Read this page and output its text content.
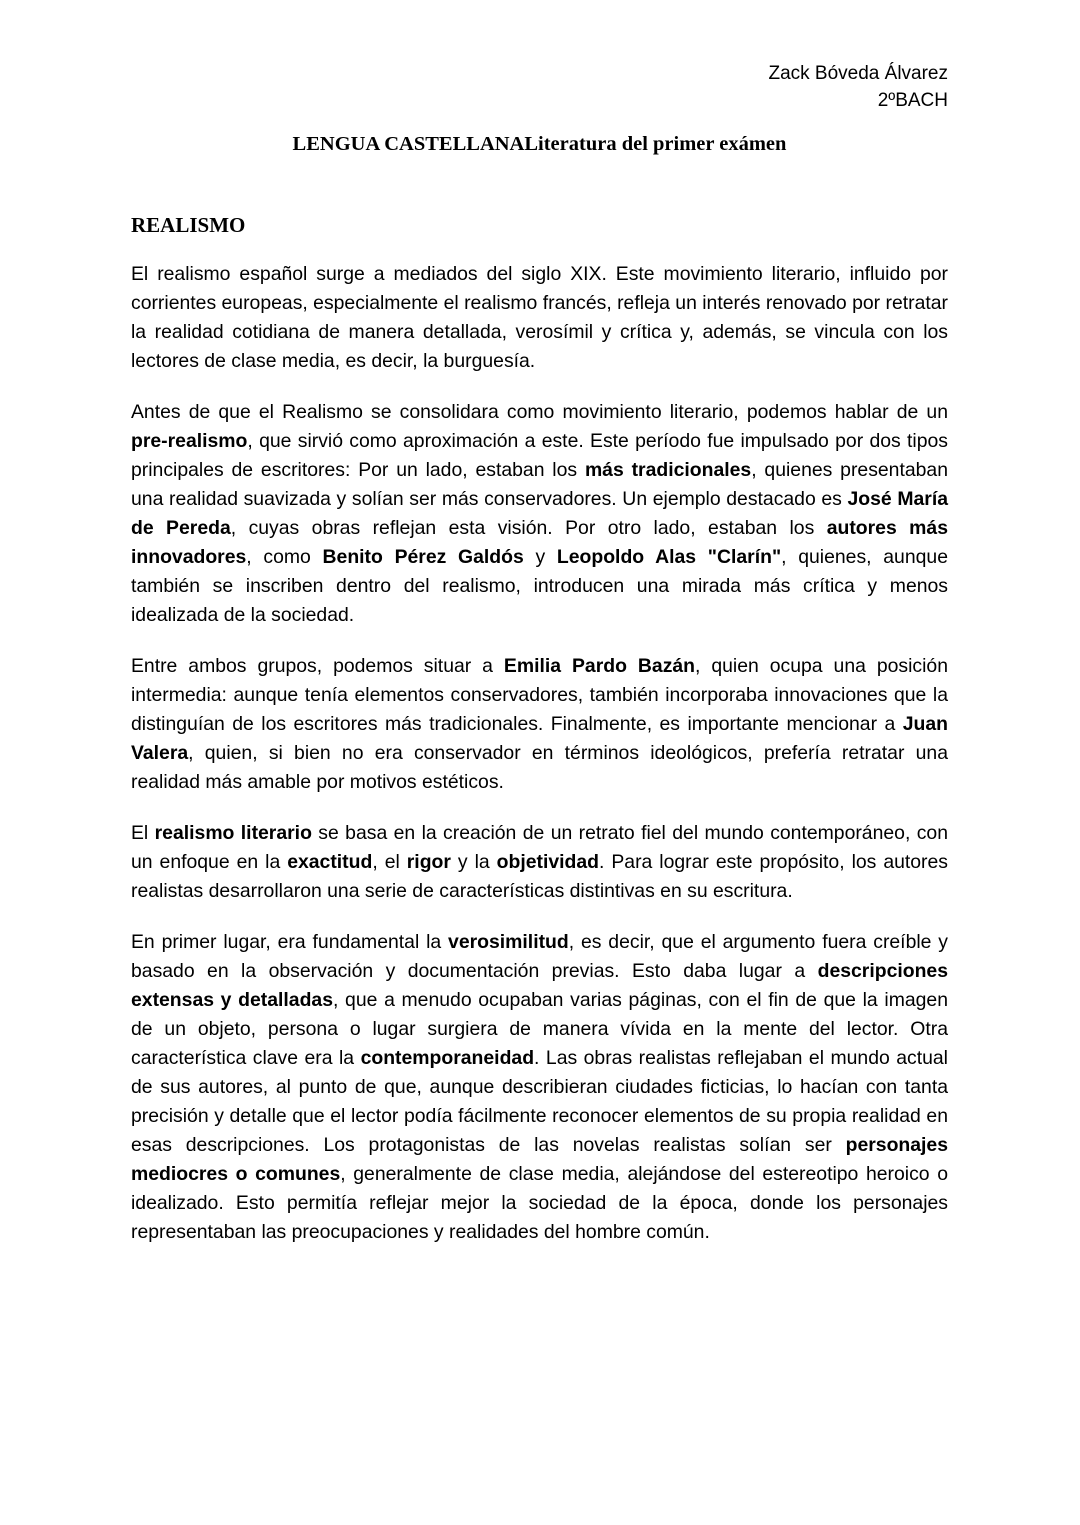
Zack Bóveda Álvarez
2ºBACH
LENGUA CASTELLANALiteratura del primer exámen
REALISMO

El realismo español surge a mediados del siglo XIX. Este movimiento literario, influido por corrientes europeas, especialmente el realismo francés, refleja un interés renovado por retratar la realidad cotidiana de manera detallada, verosímil y crítica y, además, se vincula con los lectores de clase media, es decir, la burguesía.

Antes de que el Realismo se consolidara como movimiento literario, podemos hablar de un pre-realismo, que sirvió como aproximación a este. Este período fue impulsado por dos tipos principales de escritores: Por un lado, estaban los más tradicionales, quienes presentaban una realidad suavizada y solían ser más conservadores. Un ejemplo destacado es José María de Pereda, cuyas obras reflejan esta visión. Por otro lado, estaban los autores más innovadores, como Benito Pérez Galdós y Leopoldo Alas "Clarín", quienes, aunque también se inscriben dentro del realismo, introducen una mirada más crítica y menos idealizada de la sociedad.

Entre ambos grupos, podemos situar a Emilia Pardo Bazán, quien ocupa una posición intermedia: aunque tenía elementos conservadores, también incorporaba innovaciones que la distinguían de los escritores más tradicionales. Finalmente, es importante mencionar a Juan Valera, quien, si bien no era conservador en términos ideológicos, prefería retratar una realidad más amable por motivos estéticos.

El realismo literario se basa en la creación de un retrato fiel del mundo contemporáneo, con un enfoque en la exactitud, el rigor y la objetividad. Para lograr este propósito, los autores realistas desarrollaron una serie de características distintivas en su escritura.

En primer lugar, era fundamental la verosimilitud, es decir, que el argumento fuera creíble y basado en la observación y documentación previas. Esto daba lugar a descripciones extensas y detalladas, que a menudo ocupaban varias páginas, con el fin de que la imagen de un objeto, persona o lugar surgiera de manera vívida en la mente del lector. Otra característica clave era la contemporaneidad. Las obras realistas reflejaban el mundo actual de sus autores, al punto de que, aunque describieran ciudades ficticias, lo hacían con tanta precisión y detalle que el lector podía fácilmente reconocer elementos de su propia realidad en esas descripciones. Los protagonistas de las novelas realistas solían ser personajes mediocres o comunes, generalmente de clase media, alejándose del estereotipo heroico o idealizado. Esto permitía reflejar mejor la sociedad de la época, donde los personajes representaban las preocupaciones y realidades del hombre común.
